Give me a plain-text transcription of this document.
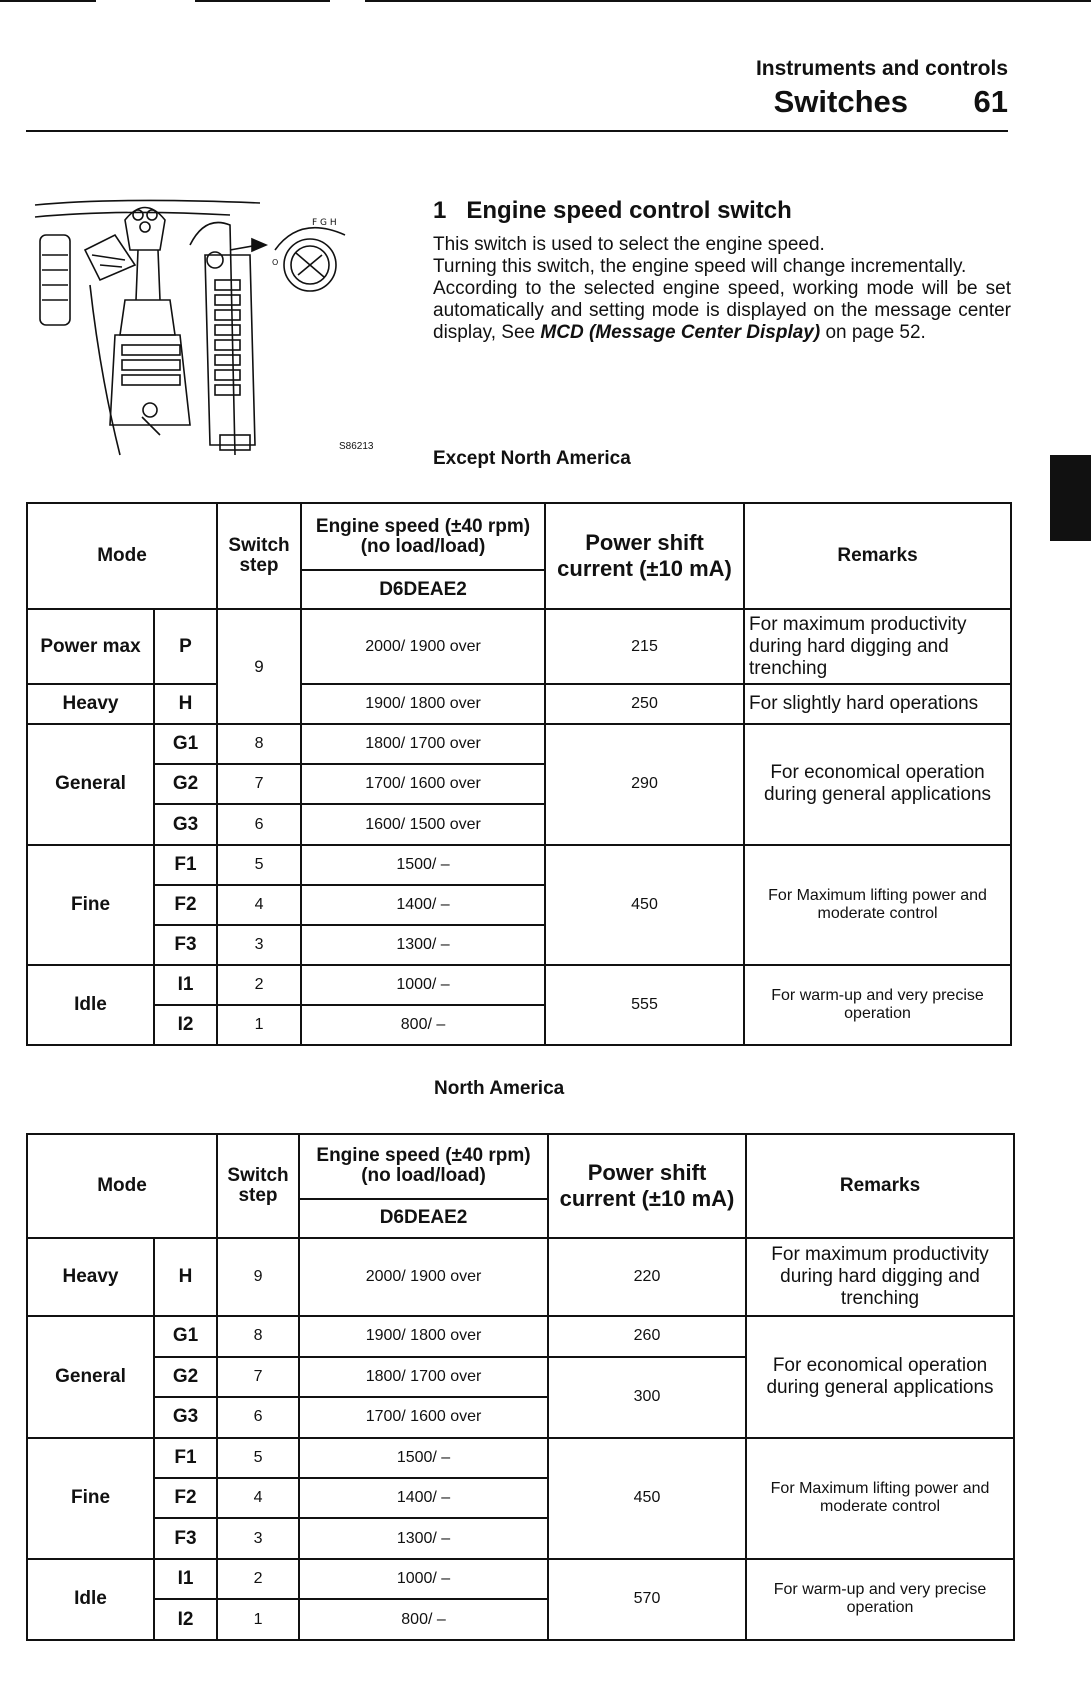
Instruments and controls
Switches	61
F G H
O
S86213
1 Engine speed control switch
This switch is used to select the engine speed.
Turning this switch, the engine speed will change incrementally.
According to the selected engine speed, working mode will be set automatically and setting mode is displayed on the message center display, See MCD (Message Center Display) on page 52.
Except North America
Mode		Switch step	Engine speed (±40 rpm) (no load/load)	Power shift current (±10 mA)	Remarks
			D6DEAE2		
Power max	P	9	2000/ 1900 over	215	For maximum productivity during hard digging and trenching
Heavy	H		1900/ 1800 over	250	For slightly hard operations
General	G1	8	1800/ 1700 over	290	For economical operation during general applications
	G2	7	1700/ 1600 over		
	G3	6	1600/ 1500 over		
Fine	F1	5	1500/ –	450	For Maximum lifting power and moderate control
	F2	4	1400/ –		
	F3	3	1300/ –		
Idle	I1	2	1000/ –	555	For warm-up and very precise operation
	I2	1	800/ –		
North America
Mode		Switch step	Engine speed (±40 rpm) (no load/load)	Power shift current (±10 mA)	Remarks
			D6DEAE2		
Heavy	H	9	2000/ 1900 over	220	For maximum productivity during hard digging and trenching
General	G1	8	1900/ 1800 over	260	For economical operation during general applications
	G2	7	1800/ 1700 over	300	
	G3	6	1700/ 1600 over		
Fine	F1	5	1500/ –	450	For Maximum lifting power and moderate control
	F2	4	1400/ –		
	F3	3	1300/ –		
Idle	I1	2	1000/ –	570	For warm-up and very precise operation
	I2	1	800/ –		
